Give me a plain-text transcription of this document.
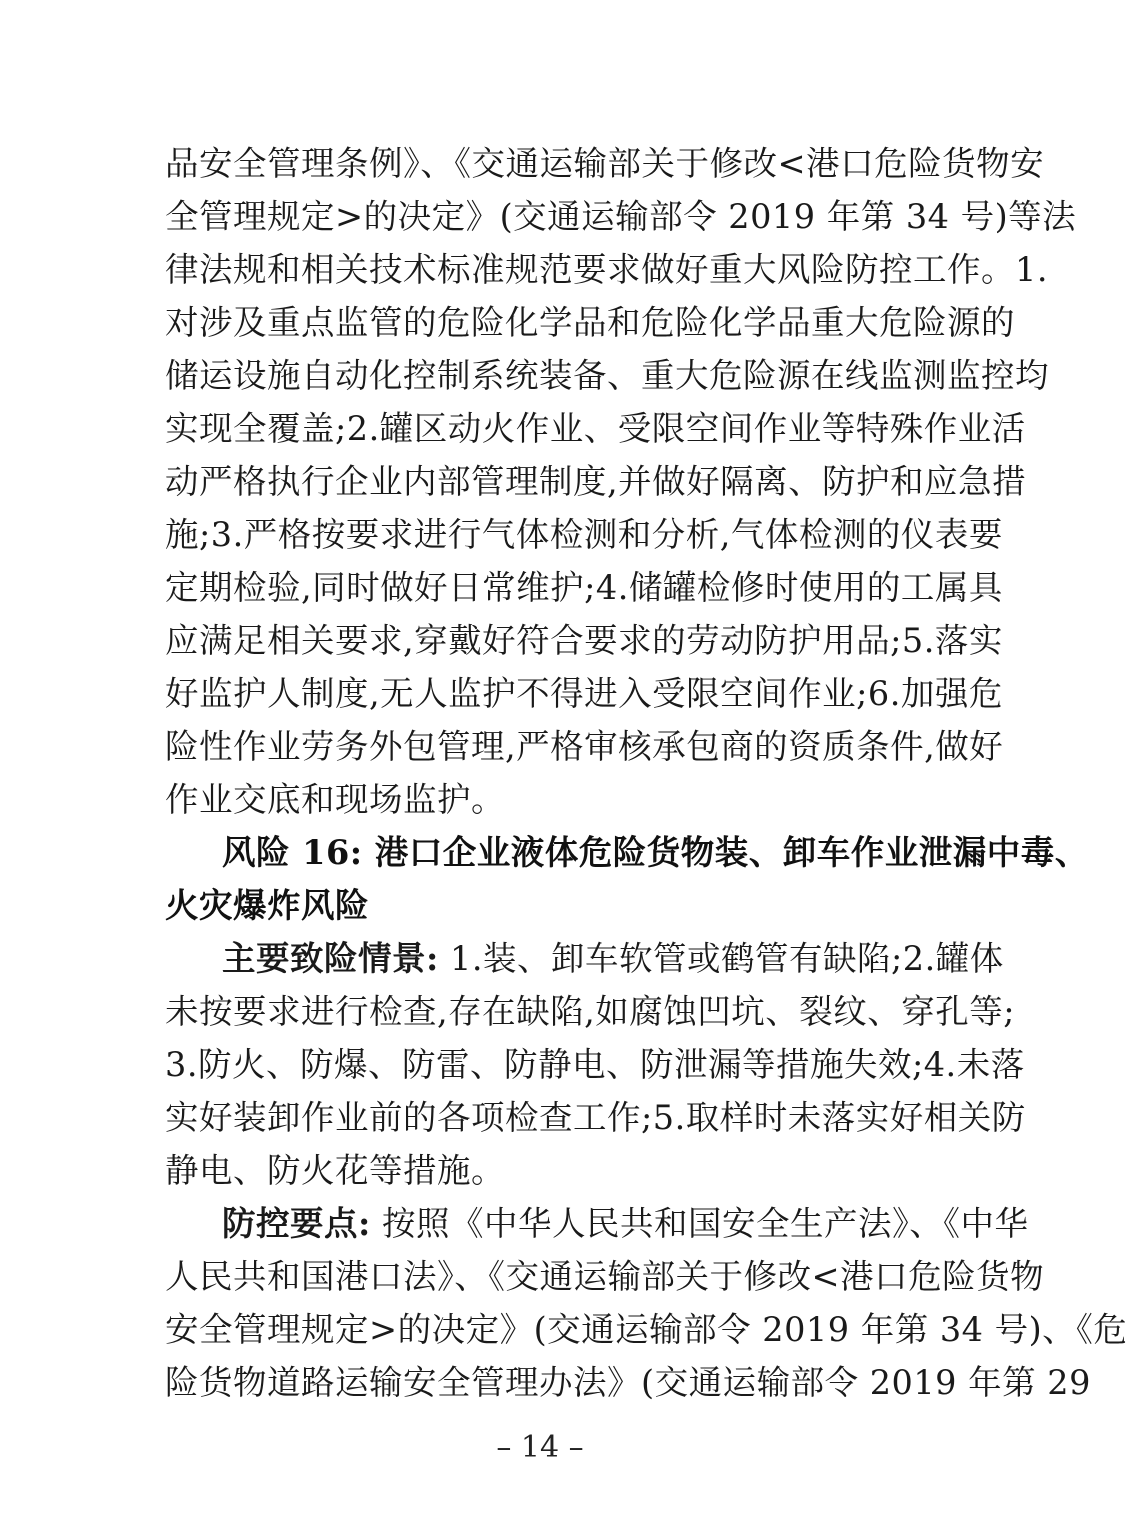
品安全管理条例》、《交通运输部关于修改<港口危险货物安
全管理规定>的决定》(交通运输部令 2019 年第 34 号)等法
律法规和相关技术标准规范要求做好重大风险防控工作。1.
对涉及重点监管的危险化学品和危险化学品重大危险源的
储运设施自动化控制系统装备、重大危险源在线监测监控均
实现全覆盖;2.罐区动火作业、受限空间作业等特殊作业活
动严格执行企业内部管理制度,并做好隔离、防护和应急措
施;3.严格按要求进行气体检测和分析,气体检测的仪表要
定期检验,同时做好日常维护;4.储罐检修时使用的工属具
应满足相关要求,穿戴好符合要求的劳动防护用品;5.落实
好监护人制度,无人监护不得进入受限空间作业;6.加强危
险性作业劳务外包管理,严格审核承包商的资质条件,做好
作业交底和现场监护。
风险 16: 港口企业液体危险货物装、卸车作业泄漏中毒、
火灾爆炸风险
主要致险情景: 1.装、卸车软管或鹤管有缺陷;2.罐体
未按要求进行检查,存在缺陷,如腐蚀凹坑、裂纹、穿孔等;
3.防火、防爆、防雷、防静电、防泄漏等措施失效;4.未落
实好装卸作业前的各项检查工作;5.取样时未落实好相关防
静电、防火花等措施。
防控要点: 按照《中华人民共和国安全生产法》、《中华
人民共和国港口法》、《交通运输部关于修改<港口危险货物
安全管理规定>的决定》(交通运输部令 2019 年第 34 号)、《危
险货物道路运输安全管理办法》(交通运输部令 2019 年第 29
– 14 –
